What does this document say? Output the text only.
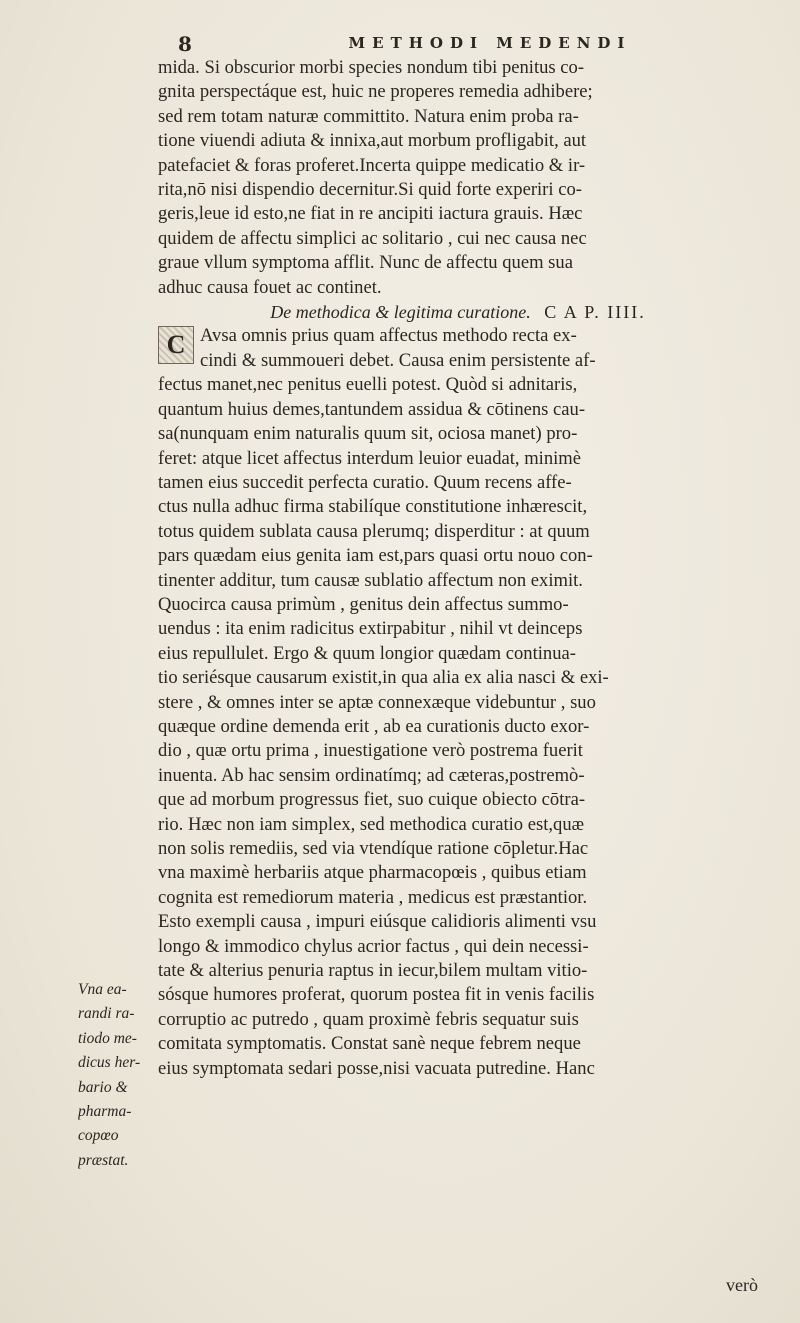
8	METHODI MEDENDI
mida. Si obscurior morbi species nondum tibi penitus co-
gnita perspectáque est, huic ne properes remedia adhibere;
sed rem totam naturæ committito. Natura enim proba ra-
tione viuendi adiuta & innixa,aut morbum profligabit, aut
patefaciet & foras proferet.Incerta quippe medicatio & ir-
rita,nō nisi dispendio decernitur.Si quid forte experiri co-
geris,leue id esto,ne fiat in re ancipiti iactura grauis. Hæc
quidem de affectu simplici ac solitario , cui nec causa nec
graue vllum symptoma afflit. Nunc de affectu quem sua
adhuc causa fouet ac continet.
De methodica & legitima curatione. C A P. IIII.
C Avsa omnis prius quam affectus methodo recta ex-
cindi & summoueri debet. Causa enim persistente af-
fectus manet,nec penitus euelli potest. Quòd si adnitaris,
quantum huius demes,tantundem assidua & cōtinens cau-
sa(nunquam enim naturalis quum sit, ociosa manet) pro-
feret: atque licet affectus interdum leuior euadat, minimè
tamen eius succedit perfecta curatio. Quum recens affe-
ctus nulla adhuc firma stabilíque constitutione inhærescit,
totus quidem sublata causa plerumq; disperditur : at quum
pars quædam eius genita iam est,pars quasi ortu nouo con-
tinenter additur, tum causæ sublatio affectum non eximit.
Quocirca causa primùm , genitus dein affectus summo-
uendus : ita enim radicitus extirpabitur , nihil vt deinceps
eius repullulet. Ergo & quum longior quædam continua-
tio seriésque causarum existit,in qua alia ex alia nasci & exi-
stere , & omnes inter se aptæ connexæque videbuntur , suo
quæque ordine demenda erit , ab ea curationis ducto exor-
dio , quæ ortu prima , inuestigatione verò postrema fuerit
inuenta. Ab hac sensim ordinatímq; ad cæteras,postremò-
que ad morbum progressus fiet, suo cuique obiecto cōtra-
rio. Hæc non iam simplex, sed methodica curatio est,quæ
non solis remediis, sed via vtendíque ratione cōpletur.Hac
vna maximè herbariis atque pharmacopœis , quibus etiam
cognita est remediorum materia , medicus est præstantior.
Esto exempli causa , impuri eiúsque calidioris alimenti vsu
longo & immodico chylus acrior factus , qui dein necessi-
tate & alterius penuria raptus in iecur,bilem multam vitio-
sósque humores proferat, quorum postea fit in venis facilis
corruptio ac putredo , quam proximè febris sequatur suis
comitata symptomatis. Constat sanè neque febrem neque
eius symptomata sedari posse,nisi vacuata putredine. Hanc
Vna ea-
randi ra-
tiodo me-
dicus her-
bario &
pharma-
copœo
præstat.
verò
